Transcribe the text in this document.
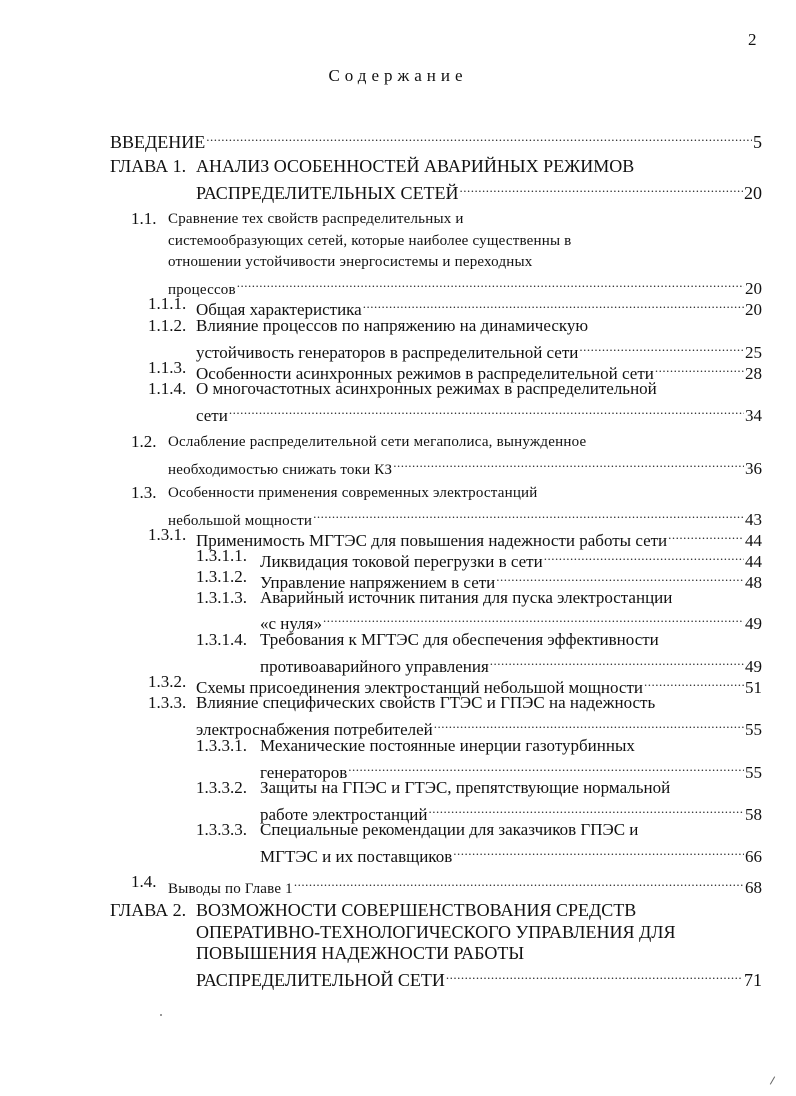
2
Содержание
ВВЕДЕНИЕ .....	5
ГЛАВА 1. АНАЛИЗ ОСОБЕННОСТЕЙ АВАРИЙНЫХ РЕЖИМОВ
РАСПРЕДЕЛИТЕЛЬНЫХ СЕТЕЙ .....	20
1.1. Сравнение тех свойств распределительных и
системообразующих сетей, которые наиболее существенны в
отношении устойчивости энергосистемы и переходных
процессов .....	20
1.1.1. Общая характеристика .....	20
1.1.2. Влияние процессов по напряжению на динамическую
устойчивость генераторов в распределительной сети .....	25
1.1.3. Особенности асинхронных режимов в распределительной сети .....	28
1.1.4. О многочастотных асинхронных режимах в распределительной
сети .....	34
1.2. Ослабление распределительной сети мегаполиса, вынужденное
необходимостью снижать токи КЗ .....	36
1.3. Особенности применения современных электростанций
небольшой мощности .....	43
1.3.1. Применимость МГТЭС для повышения надежности работы сети .....	44
1.3.1.1. Ликвидация токовой перегрузки в сети .....	44
1.3.1.2. Управление напряжением в сети .....	48
1.3.1.3. Аварийный источник питания для пуска электростанции
«с нуля» .....	49
1.3.1.4. Требования к МГТЭС для обеспечения эффективности
противоаварийного управления .....	49
1.3.2. Схемы присоединения электростанций небольшой мощности .....	51
1.3.3. Влияние специфических свойств ГТЭС и ГПЭС на надежность
электроснабжения потребителей .....	55
1.3.3.1. Механические постоянные инерции газотурбинных
генераторов .....	55
1.3.3.2. Защиты на ГПЭС и ГТЭС, препятствующие нормальной
работе электростанций .....	58
1.3.3.3. Специальные рекомендации для заказчиков ГПЭС и
МГТЭС и их поставщиков .....	66
1.4. Выводы по Главе 1 .....	68
ГЛАВА 2. ВОЗМОЖНОСТИ СОВЕРШЕНСТВОВАНИЯ СРЕДСТВ
ОПЕРАТИВНО-ТЕХНОЛОГИЧЕСКОГО УПРАВЛЕНИЯ ДЛЯ
ПОВЫШЕНИЯ НАДЕЖНОСТИ РАБОТЫ
РАСПРЕДЕЛИТЕЛЬНОЙ СЕТИ .....	71
